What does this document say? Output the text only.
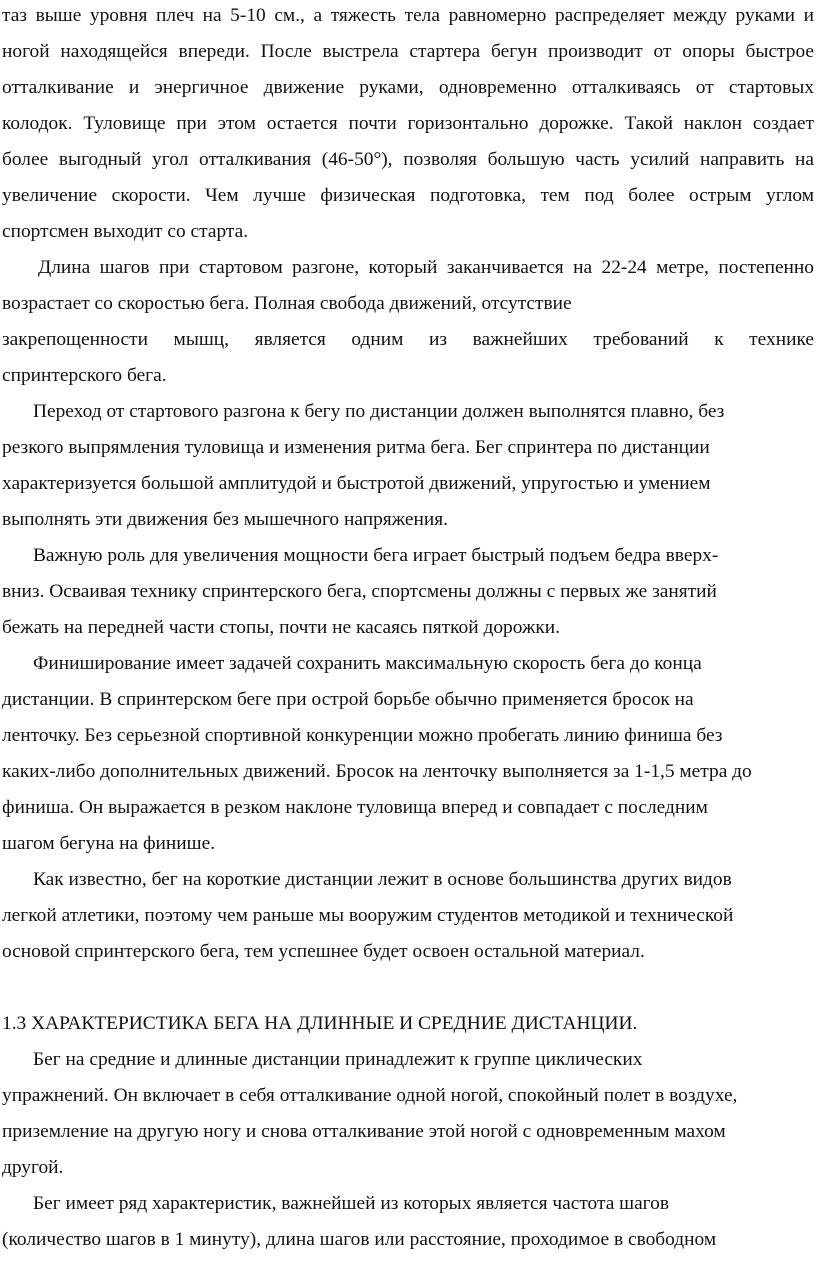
таз выше уровня плеч на 5-10 см., а тяжесть тела равномерно распределяет между руками и
ногой находящейся впереди. После выстрела стартера бегун производит от опоры быстрое
отталкивание и энергичное движение руками, одновременно отталкиваясь от стартовых
колодок. Туловище при этом остается почти горизонтально дорожке. Такой наклон создает
более выгодный угол отталкивания (46-50°), позволяя большую часть усилий направить на
увеличение скорости. Чем лучше физическая подготовка, тем под более острым углом
спортсмен выходит со старта.
Длина шагов при стартовом разгоне, который заканчивается на 22-24 метре, постепенно
возрастает со скоростью бега. Полная свобода движений, отсутствие
закрепощенности мышц, является одним из важнейших требований к технике
спринтерского бега.
Переход от стартового разгона к бегу по дистанции должен выполнятся плавно, без
резкого выпрямления туловища и изменения ритма бега. Бег спринтера по дистанции
характеризуется большой амплитудой и быстротой движений, упругостью и умением
выполнять эти движения без мышечного напряжения.
Важную роль для увеличения мощности бега играет быстрый подъем бедра вверх-
вниз. Осваивая технику спринтерского бега, спортсмены должны с первых же занятий
бежать на передней части стопы, почти не касаясь пяткой дорожки.
Финиширование имеет задачей сохранить максимальную скорость бега до конца
дистанции. В спринтерском беге при острой борьбе обычно применяется бросок на
ленточку. Без серьезной спортивной конкуренции можно пробегать линию финиша без
каких-либо дополнительных движений. Бросок на ленточку выполняется за 1-1,5 метра до
финиша. Он выражается в резком наклоне туловища вперед и совпадает с последним
шагом бегуна на финише.
Как известно, бег на короткие дистанции лежит в основе большинства других видов
легкой атлетики, поэтому чем раньше мы вооружим студентов методикой и технической
основой спринтерского бега, тем успешнее будет освоен остальной материал.
1.3 ХАРАКТЕРИСТИКА БЕГА НА ДЛИННЫЕ И СРЕДНИЕ ДИСТАНЦИИ.
Бег на средние и длинные дистанции принадлежит к группе циклических
упражнений. Он включает в себя отталкивание одной ногой, спокойный полет в воздухе,
приземление на другую ногу и снова отталкивание этой ногой с одновременным махом
другой.
Бег имеет ряд характеристик, важнейшей из которых является частота шагов
(количество шагов в 1 минуту), длина шагов или расстояние, проходимое в свободном
